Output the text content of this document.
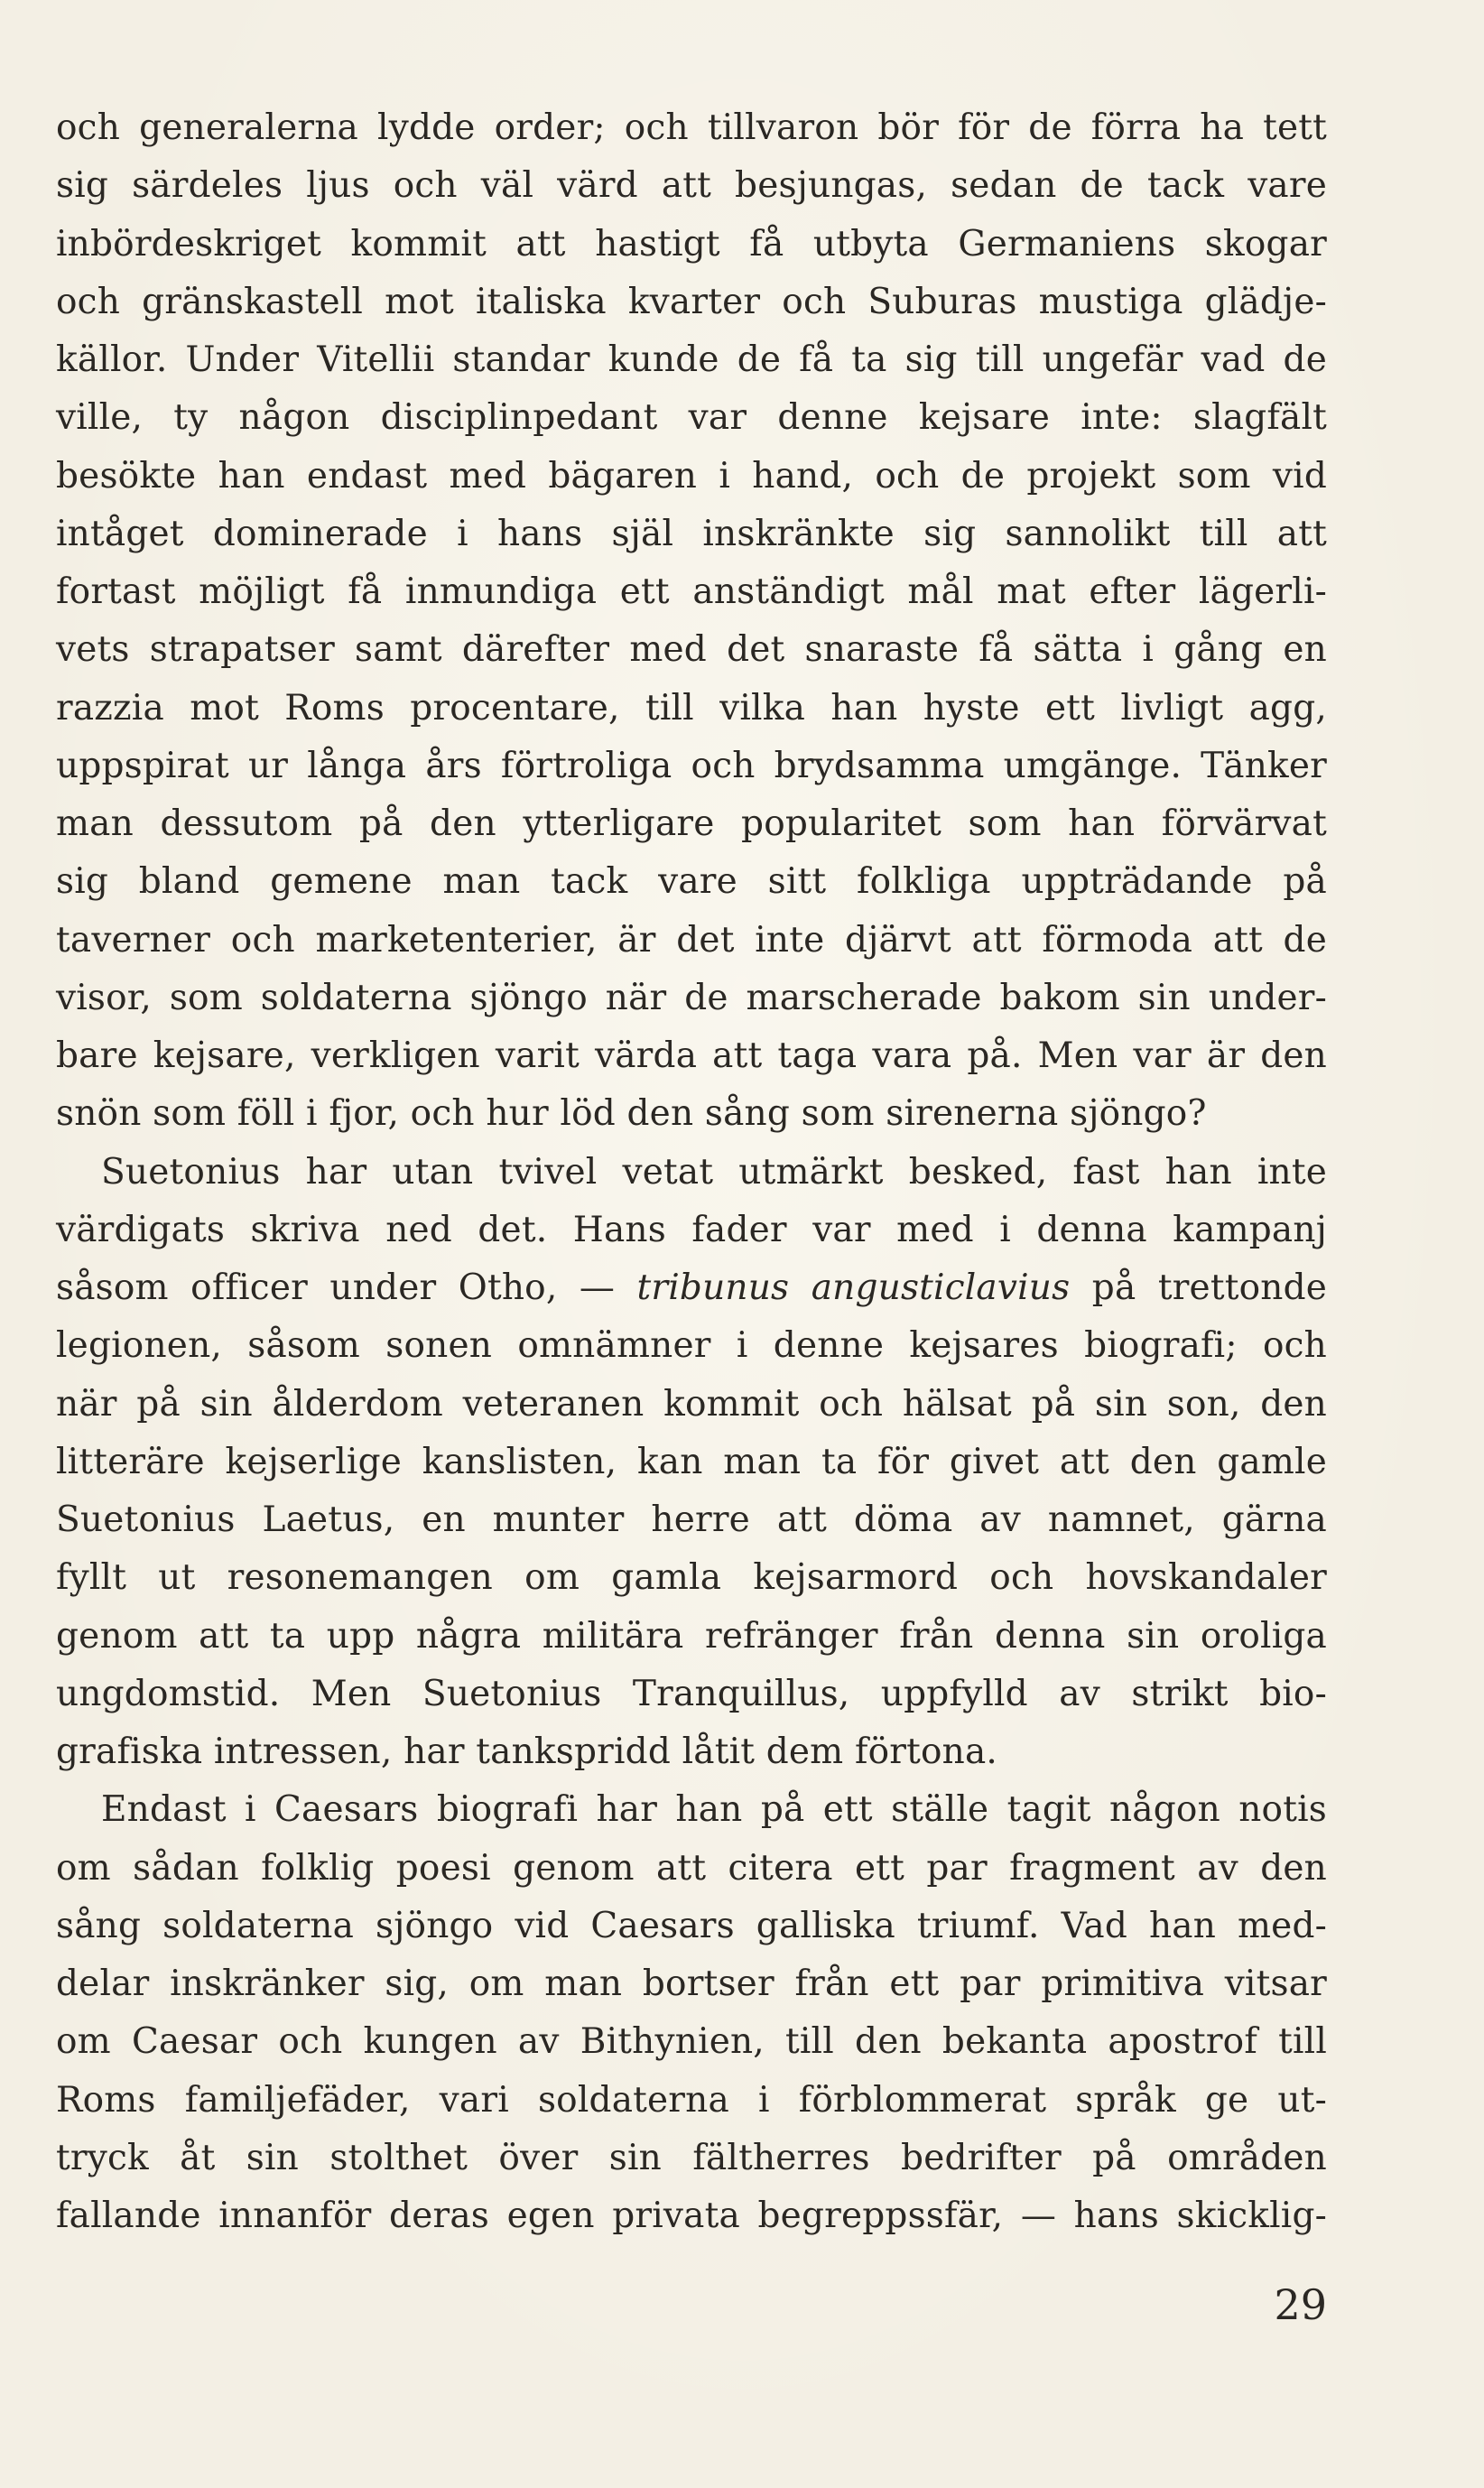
och generalerna lydde order; och tillvaron bör för de förra ha tett
sig särdeles ljus och väl värd att besjungas, sedan de tack vare
inbördeskriget kommit att hastigt få utbyta Germaniens skogar
och gränskastell mot italiska kvarter och Suburas mustiga glädje-
källor. Under Vitellii standar kunde de få ta sig till ungefär vad de
ville, ty någon disciplinpedant var denne kejsare inte: slagfält
besökte han endast med bägaren i hand, och de projekt som vid
intåget dominerade i hans själ inskränkte sig sannolikt till att
fortast möjligt få inmundiga ett anständigt mål mat efter lägerli-
vets strapatser samt därefter med det snaraste få sätta i gång en
razzia mot Roms procentare, till vilka han hyste ett livligt agg,
uppspirat ur långa års förtroliga och brydsamma umgänge. Tänker
man dessutom på den ytterligare popularitet som han förvärvat
sig bland gemene man tack vare sitt folkliga uppträdande på
taverner och marketenterier, är det inte djärvt att förmoda att de
visor, som soldaterna sjöngo när de marscherade bakom sin under-
bare kejsare, verkligen varit värda att taga vara på. Men var är den
snön som föll i fjor, och hur löd den sång som sirenerna sjöngo?
Suetonius har utan tvivel vetat utmärkt besked, fast han inte
värdigats skriva ned det. Hans fader var med i denna kampanj
såsom officer under Otho, — tribunus angusticlavius på trettonde
legionen, såsom sonen omnämner i denne kejsares biografi; och
när på sin ålderdom veteranen kommit och hälsat på sin son, den
litteräre kejserlige kanslisten, kan man ta för givet att den gamle
Suetonius Laetus, en munter herre att döma av namnet, gärna
fyllt ut resonemangen om gamla kejsarmord och hovskandaler
genom att ta upp några militära refränger från denna sin oroliga
ungdomstid. Men Suetonius Tranquillus, uppfylld av strikt bio-
grafiska intressen, har tankspridd låtit dem förtona.
Endast i Caesars biografi har han på ett ställe tagit någon notis
om sådan folklig poesi genom att citera ett par fragment av den
sång soldaterna sjöngo vid Caesars galliska triumf. Vad han med-
delar inskränker sig, om man bortser från ett par primitiva vitsar
om Caesar och kungen av Bithynien, till den bekanta apostrof till
Roms familjefäder, vari soldaterna i förblommerat språk ge ut-
tryck åt sin stolthet över sin fältherres bedrifter på områden
fallande innanför deras egen privata begreppssfär, — hans skicklig-
29
